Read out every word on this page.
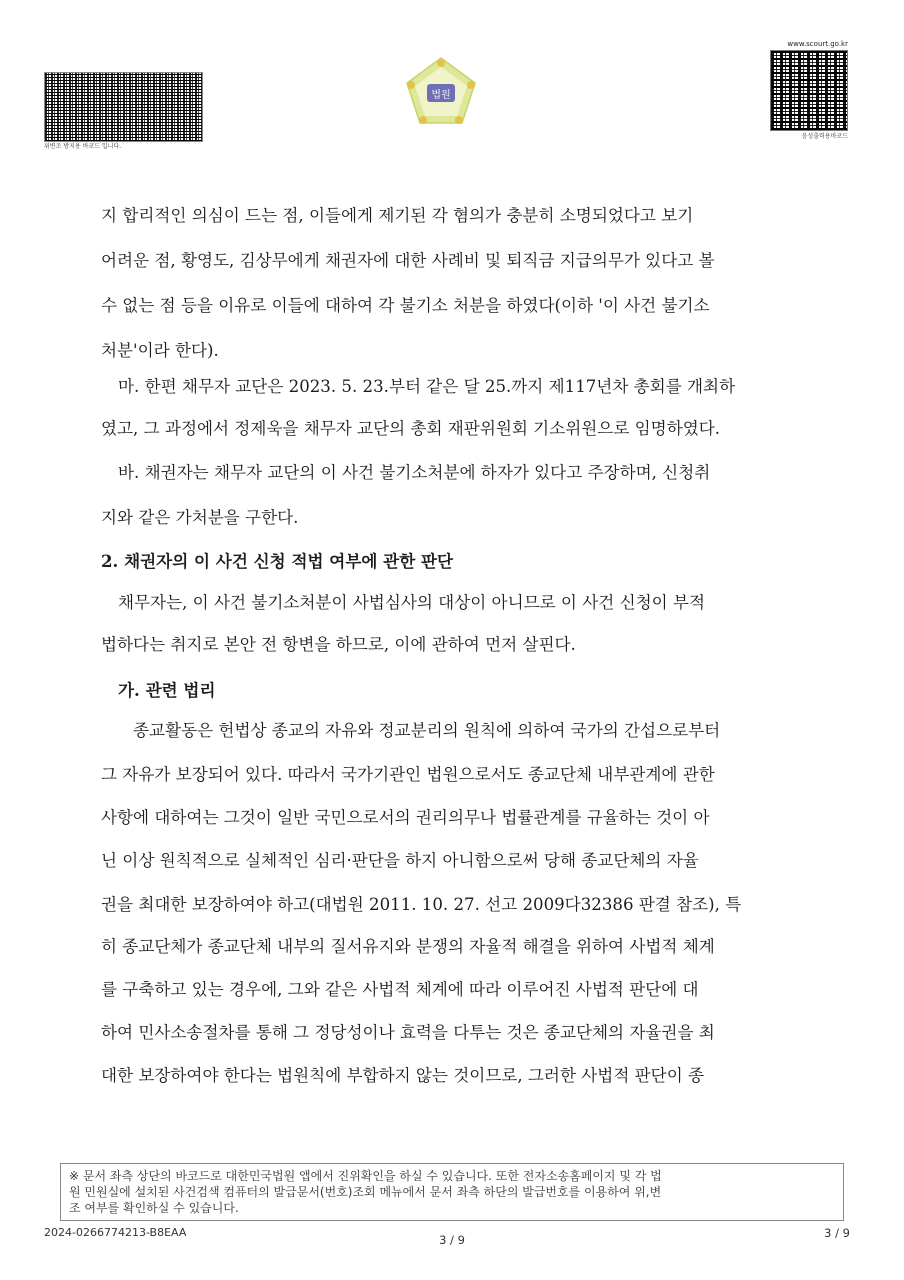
위변조 방지용 바코드 입니다.
법원
www.scourt.go.kr
음성출력용바코드
지 합리적인 의심이 드는 점, 이들에게 제기된 각 혐의가 충분히 소명되었다고 보기
어려운 점, 황영도, 김상무에게 채권자에 대한 사례비 및 퇴직금 지급의무가 있다고 볼
수 없는 점 등을 이유로 이들에 대하여 각 불기소 처분을 하였다(이하 '이 사건 불기소
처분'이라 한다).
마. 한편 채무자 교단은 2023. 5. 23.부터 같은 달 25.까지 제117년차 총회를 개최하
였고, 그 과정에서 정제욱을 채무자 교단의 총회 재판위원회 기소위원으로 임명하였다.
바. 채권자는 채무자 교단의 이 사건 불기소처분에 하자가 있다고 주장하며, 신청취
지와 같은 가처분을 구한다.
2. 채권자의 이 사건 신청 적법 여부에 관한 판단
채무자는, 이 사건 불기소처분이 사법심사의 대상이 아니므로 이 사건 신청이 부적
법하다는 취지로 본안 전 항변을 하므로, 이에 관하여 먼저 살핀다.
가. 관련 법리
종교활동은 헌법상 종교의 자유와 정교분리의 원칙에 의하여 국가의 간섭으로부터
그 자유가 보장되어 있다. 따라서 국가기관인 법원으로서도 종교단체 내부관계에 관한
사항에 대하여는 그것이 일반 국민으로서의 권리의무나 법률관계를 규율하는 것이 아
닌 이상 원칙적으로 실체적인 심리·판단을 하지 아니함으로써 당해 종교단체의 자율
권을 최대한 보장하여야 하고(대법원 2011. 10. 27. 선고 2009다32386 판결 참조), 특
히 종교단체가 종교단체 내부의 질서유지와 분쟁의 자율적 해결을 위하여 사법적 체계
를 구축하고 있는 경우에, 그와 같은 사법적 체계에 따라 이루어진 사법적 판단에 대
하여 민사소송절차를 통해 그 정당성이나 효력을 다투는 것은 종교단체의 자율권을 최
대한 보장하여야 한다는 법원칙에 부합하지 않는 것이므로, 그러한 사법적 판단이 종
※ 문서 좌측 상단의 바코드로 대한민국법원 앱에서 진위확인을 하실 수 있습니다. 또한 전자소송홈페이지 및 각 법
원 민원실에 설치된 사건검색 컴퓨터의 발급문서(번호)조회 메뉴에서 문서 좌측 하단의 발급번호를 이용하여 위,변
조 여부를 확인하실 수 있습니다.
2024-0266774213-B8EAA
3 / 9	3 / 9
